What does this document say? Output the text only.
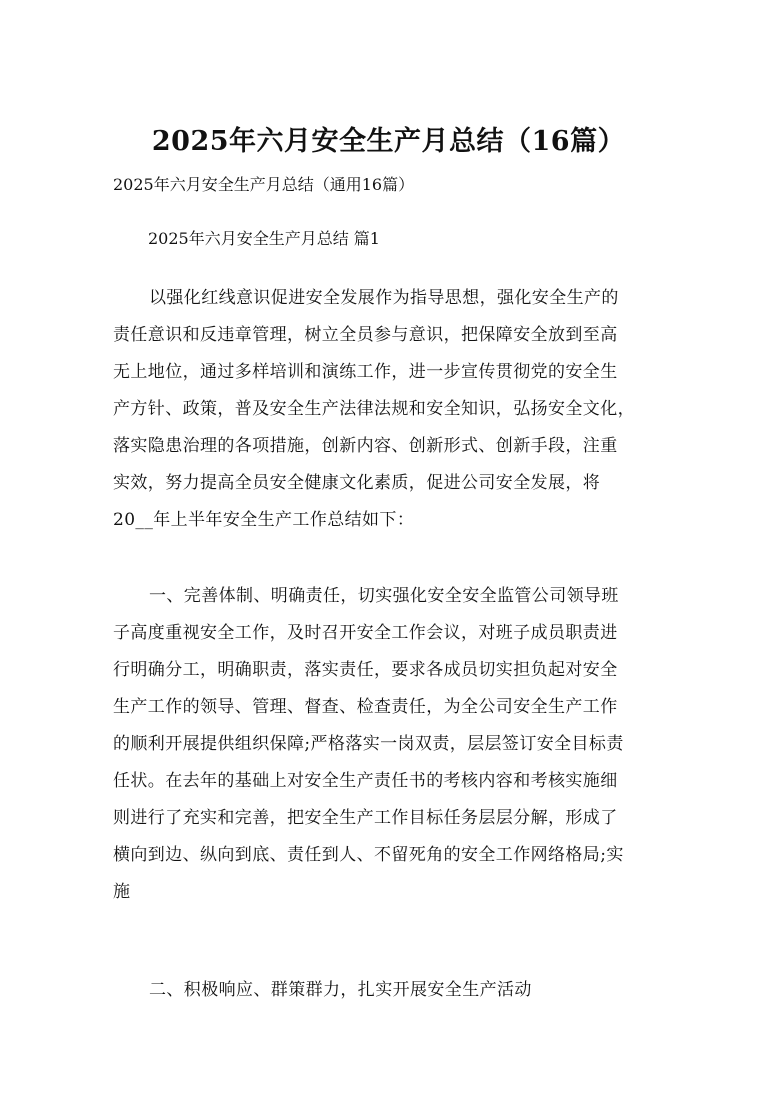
2025年六月安全生产月总结（16篇）
2025年六月安全生产月总结（通用16篇）
2025年六月安全生产月总结 篇1
以强化红线意识促进安全发展作为指导思想，强化安全生产的
责任意识和反违章管理，树立全员参与意识，把保障安全放到至高
无上地位，通过多样培训和演练工作，进一步宣传贯彻党的安全生
产方针、政策，普及安全生产法律法规和安全知识，弘扬安全文化，
落实隐患治理的各项措施，创新内容、创新形式、创新手段，注重
实效，努力提高全员安全健康文化素质，促进公司安全发展，将
20__年上半年安全生产工作总结如下：
一、完善体制、明确责任，切实强化安全安全监管公司领导班
子高度重视安全工作，及时召开安全工作会议，对班子成员职责进
行明确分工，明确职责，落实责任，要求各成员切实担负起对安全
生产工作的领导、管理、督查、检查责任，为全公司安全生产工作
的顺利开展提供组织保障;严格落实一岗双责，层层签订安全目标责
任状。在去年的基础上对安全生产责任书的考核内容和考核实施细
则进行了充实和完善，把安全生产工作目标任务层层分解，形成了
横向到边、纵向到底、责任到人、不留死角的安全工作网络格局;实
施
二、积极响应、群策群力，扎实开展安全生产活动
